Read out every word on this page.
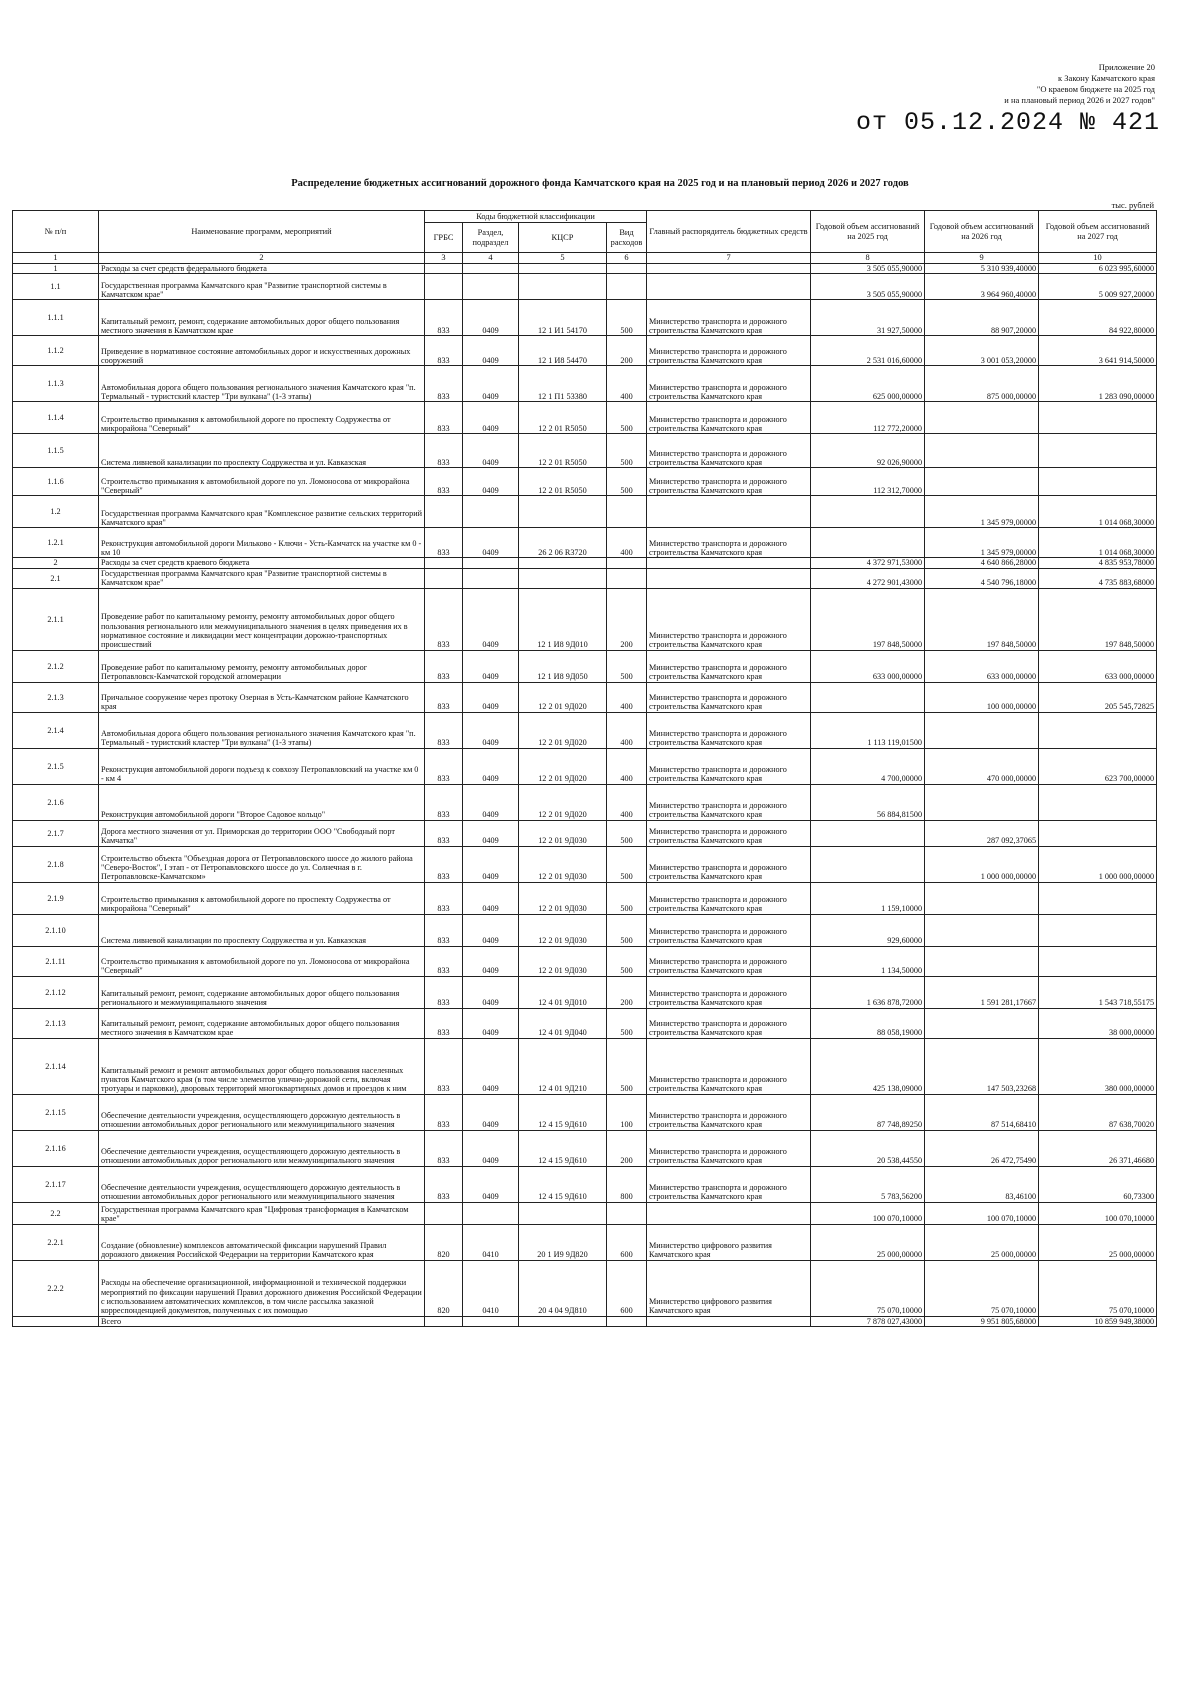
Приложение 20
к Закону Камчатского края
"О краевом бюджете на 2025 год
и на плановый период 2026 и 2027 годов"
от 05.12.2024 № 421
Распределение бюджетных ассигнований дорожного фонда Камчатского края на 2025 год и на плановый период 2026 и 2027 годов
тыс. рублей
№ п/п	Наименование программ, мероприятий	Коды бюджетной классификации				Главный распорядитель бюджетных средств	Годовой объем ассигнований на 2025 год	Годовой объем ассигнований на 2026 год	Годовой объем ассигнований на 2027 год
		ГРБС	Раздел, подраздел	КЦСР	Вид расходов				
1	2	3	4	5	6	7	8	9	10
1	Расходы за счет средств федерального бюджета						3 505 055,90000	5 310 939,40000	6 023 995,60000
1.1	Государственная программа Камчатского края "Развитие транспортной системы в Камчатском крае"						3 505 055,90000	3 964 960,40000	5 009 927,20000
1.1.1	Капитальный ремонт, ремонт, содержание автомобильных дорог общего пользования местного значения в Камчатском крае	833	0409	12 1 И1 54170	500	Министерство транспорта и дорожного строительства Камчатского края	31 927,50000	88 907,20000	84 922,80000
1.1.2	Приведение в нормативное состояние автомобильных дорог и искусственных дорожных сооружений	833	0409	12 1 И8 54470	200	Министерство транспорта и дорожного строительства Камчатского края	2 531 016,60000	3 001 053,20000	3 641 914,50000
1.1.3	Автомобильная дорога общего пользования регионального значения Камчатского края "п. Термальный - туристский кластер "Три вулкана" (1-3 этапы)	833	0409	12 1 П1 53380	400	Министерство транспорта и дорожного строительства Камчатского края	625 000,00000	875 000,00000	1 283 090,00000
1.1.4	Строительство примыкания к автомобильной дороге по проспекту Содружества от микрорайона "Северный"	833	0409	12 2 01 R5050	500	Министерство транспорта и дорожного строительства Камчатского края	112 772,20000		
1.1.5	Система ливневой канализации по проспекту Содружества и ул. Кавказская	833	0409	12 2 01 R5050	500	Министерство транспорта и дорожного строительства Камчатского края	92 026,90000		
1.1.6	Строительство примыкания к автомобильной дороге по ул. Ломоносова от микрорайона "Северный"	833	0409	12 2 01 R5050	500	Министерство транспорта и дорожного строительства Камчатского края	112 312,70000		
1.2	Государственная программа Камчатского края "Комплексное развитие сельских территорий Камчатского края"							1 345 979,00000	1 014 068,30000
1.2.1	Реконструкция автомобильной дороги Мильково - Ключи - Усть-Камчатск на участке км 0 - км 10	833	0409	26 2 06 R3720	400	Министерство транспорта и дорожного строительства Камчатского края		1 345 979,00000	1 014 068,30000
2	Расходы за счет средств краевого бюджета						4 372 971,53000	4 640 866,28000	4 835 953,78000
2.1	Государственная программа Камчатского края "Развитие транспортной системы в Камчатском крае"						4 272 901,43000	4 540 796,18000	4 735 883,68000
2.1.1	Проведение работ по капитальному ремонту, ремонту автомобильных дорог общего пользования регионального или межмуниципального значения в целях приведения их в нормативное состояние и ликвидации мест концентрации дорожно-транспортных происшествий	833	0409	12 1 И8 9Д010	200	Министерство транспорта и дорожного строительства Камчатского края	197 848,50000	197 848,50000	197 848,50000
2.1.2	Проведение работ по капитальному ремонту, ремонту автомобильных дорог Петропавловск-Камчатской городской агломерации	833	0409	12 1 И8 9Д050	500	Министерство транспорта и дорожного строительства Камчатского края	633 000,00000	633 000,00000	633 000,00000
2.1.3	Причальное сооружение через протоку Озерная в Усть-Камчатском районе Камчатского края	833	0409	12 2 01 9Д020	400	Министерство транспорта и дорожного строительства Камчатского края		100 000,00000	205 545,72825
2.1.4	Автомобильная дорога общего пользования регионального значения Камчатского края "п. Термальный - туристский кластер "Три вулкана" (1-3 этапы)	833	0409	12 2 01 9Д020	400	Министерство транспорта и дорожного строительства Камчатского края	1 113 119,01500		
2.1.5	Реконструкция автомобильной дороги подъезд к совхозу Петропавловский на участке км 0 - км 4	833	0409	12 2 01 9Д020	400	Министерство транспорта и дорожного строительства Камчатского края	4 700,00000	470 000,00000	623 700,00000
2.1.6	Реконструкция автомобильной дороги "Второе Садовое кольцо"	833	0409	12 2 01 9Д020	400	Министерство транспорта и дорожного строительства Камчатского края	56 884,81500		
2.1.7	Дорога местного значения от ул. Приморская до территории ООО "Свободный порт Камчатка"	833	0409	12 2 01 9Д030	500	Министерство транспорта и дорожного строительства Камчатского края		287 092,37065	
2.1.8	Строительство объекта "Объездная дорога от Петропавловского шоссе до жилого района "Северо-Восток", I этап - от Петропавловского шоссе до ул. Солнечная в г. Петропавловске-Камчатском»	833	0409	12 2 01 9Д030	500	Министерство транспорта и дорожного строительства Камчатского края		1 000 000,00000	1 000 000,00000
2.1.9	Строительство примыкания к автомобильной дороге по проспекту Содружества от микрорайона "Северный"	833	0409	12 2 01 9Д030	500	Министерство транспорта и дорожного строительства Камчатского края	1 159,10000		
2.1.10	Система ливневой канализации по проспекту Содружества и ул. Кавказская	833	0409	12 2 01 9Д030	500	Министерство транспорта и дорожного строительства Камчатского края	929,60000		
2.1.11	Строительство примыкания к автомобильной дороге по ул. Ломоносова от микрорайона "Северный"	833	0409	12 2 01 9Д030	500	Министерство транспорта и дорожного строительства Камчатского края	1 134,50000		
2.1.12	Капитальный ремонт, ремонт, содержание автомобильных дорог общего пользования регионального и межмуниципального значения	833	0409	12 4 01 9Д010	200	Министерство транспорта и дорожного строительства Камчатского края	1 636 878,72000	1 591 281,17667	1 543 718,55175
2.1.13	Капитальный ремонт, ремонт, содержание автомобильных дорог общего пользования местного значения в Камчатском крае	833	0409	12 4 01 9Д040	500	Министерство транспорта и дорожного строительства Камчатского края	88 058,19000		38 000,00000
2.1.14	Капитальный ремонт и ремонт автомобильных дорог общего пользования населенных пунктов Камчатского края (в том числе элементов улично-дорожной сети, включая тротуары и парковки), дворовых территорий многоквартирных домов и проездов к ним	833	0409	12 4 01 9Д210	500	Министерство транспорта и дорожного строительства Камчатского края	425 138,09000	147 503,23268	380 000,00000
2.1.15	Обеспечение деятельности учреждения, осуществляющего дорожную деятельность в отношении автомобильных дорог регионального или межмуниципального значения	833	0409	12 4 15 9Д610	100	Министерство транспорта и дорожного строительства Камчатского края	87 748,89250	87 514,68410	87 638,70020
2.1.16	Обеспечение деятельности учреждения, осуществляющего дорожную деятельность в отношении автомобильных дорог регионального или межмуниципального значения	833	0409	12 4 15 9Д610	200	Министерство транспорта и дорожного строительства Камчатского края	20 538,44550	26 472,75490	26 371,46680
2.1.17	Обеспечение деятельности учреждения, осуществляющего дорожную деятельность в отношении автомобильных дорог регионального или межмуниципального значения	833	0409	12 4 15 9Д610	800	Министерство транспорта и дорожного строительства Камчатского края	5 783,56200	83,46100	60,73300
2.2	Государственная программа Камчатского края "Цифровая трансформация в Камчатском крае"						100 070,10000	100 070,10000	100 070,10000
2.2.1	Создание (обновление) комплексов автоматической фиксации нарушений Правил дорожного движения Российской Федерации на территории Камчатского края	820	0410	20 1 И9 9Д820	600	Министерство цифрового развития Камчатского края	25 000,00000	25 000,00000	25 000,00000
2.2.2	Расходы на обеспечение организационной, информационной и технической поддержки мероприятий по фиксации нарушений Правил дорожного движения Российской Федерации с использованием автоматических комплексов, в том числе рассылка заказной корреспонденцией документов, полученных с их помощью	820	0410	20 4 04 9Д810	600	Министерство цифрового развития Камчатского края	75 070,10000	75 070,10000	75 070,10000
	Всего						7 878 027,43000	9 951 805,68000	10 859 949,38000
